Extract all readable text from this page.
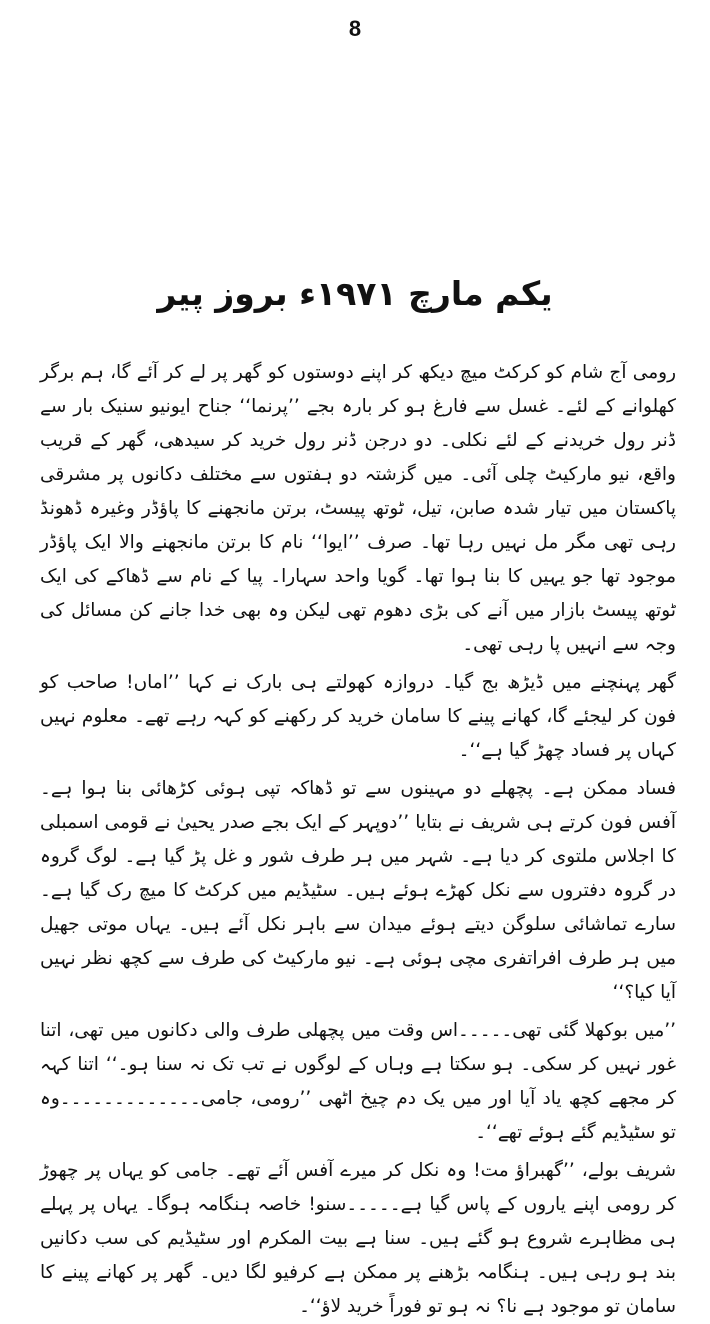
8
یکم مارچ ۱۹۷۱ء بروز پیر

رومی آج شام کو کرکٹ میچ دیکھ کر اپنے دوستوں کو گھر پر لے کر آئے گا، ہم برگر کھلوانے کے لئے۔ غسل سے فارغ ہو کر بارہ بجے ’’پرنما‘‘ جناح ایونیو سنیک بار سے ڈنر رول خریدنے کے لئے نکلی۔ دو درجن ڈنر رول خرید کر سیدھی، گھر کے قریب واقع، نیو مارکیٹ چلی آئی۔ میں گزشتہ دو ہفتوں سے مختلف دکانوں پر مشرقی پاکستان میں تیار شدہ صابن، تیل، ٹوتھ پیسٹ، برتن مانجھنے کا پاؤڈر وغیرہ ڈھونڈ رہی تھی مگر مل نہیں رہا تھا۔ صرف ’’ایوا‘‘ نام کا برتن مانجھنے والا ایک پاؤڈر موجود تھا جو یہیں کا بنا ہوا تھا۔ گویا واحد سہارا۔ پیا کے نام سے ڈھاکے کی ایک ٹوتھ پیسٹ بازار میں آنے کی بڑی دھوم تھی لیکن وہ بھی خدا جانے کن مسائل کی وجہ سے انہیں پا رہی تھی۔

گھر پہنچنے میں ڈیڑھ بج گیا۔ دروازہ کھولتے ہی بارک نے کہا ’’اماں! صاحب کو فون کر لیجئے گا، کھانے پینے کا سامان خرید کر رکھنے کو کہہ رہے تھے۔ معلوم نہیں کہاں پر فساد چھڑ گیا ہے‘‘۔

فساد ممکن ہے۔ پچھلے دو مہینوں سے تو ڈھاکہ تپی ہوئی کڑھائی بنا ہوا ہے۔ آفس فون کرتے ہی شریف نے بتایا ’’دوپہر کے ایک بجے صدر یحییٰ نے قومی اسمبلی کا اجلاس ملتوی کر دیا ہے۔ شہر میں ہر طرف شور و غل پڑ گیا ہے۔ لوگ گروہ در گروہ دفتروں سے نکل کھڑے ہوئے ہیں۔ سٹیڈیم میں کرکٹ کا میچ رک گیا ہے۔ سارے تماشائی سلوگن دیتے ہوئے میدان سے باہر نکل آئے ہیں۔ یہاں موتی جھیل میں ہر طرف افراتفری مچی ہوئی ہے۔ نیو مارکیٹ کی طرف سے کچھ نظر نہیں آیا کیا؟‘‘

’’میں بوکھلا گئی تھی۔۔۔۔۔اس وقت میں پچھلی طرف والی دکانوں میں تھی، اتنا غور نہیں کر سکی۔ ہو سکتا ہے وہاں کے لوگوں نے تب تک نہ سنا ہو۔‘‘ اتنا کہہ کر مجھے کچھ یاد آیا اور میں یک دم چیخ اٹھی ’’رومی، جامی۔۔۔۔۔۔۔۔۔۔۔۔۔وہ تو سٹیڈیم گئے ہوئے تھے‘‘۔

شریف بولے، ’’گھبراؤ مت! وہ نکل کر میرے آفس آئے تھے۔ جامی کو یہاں پر چھوڑ کر رومی اپنے یاروں کے پاس گیا ہے۔۔۔۔۔سنو! خاصہ ہنگامہ ہوگا۔ یہاں پر پہلے ہی مظاہرے شروع ہو گئے ہیں۔ سنا ہے بیت المکرم اور سٹیڈیم کی سب دکانیں بند ہو رہی ہیں۔ ہنگامہ بڑھنے پر ممکن ہے کرفیو لگا دیں۔ گھر پر کھانے پینے کا سامان تو موجود ہے نا؟ نہ ہو تو فوراً خرید لاؤ‘‘۔
